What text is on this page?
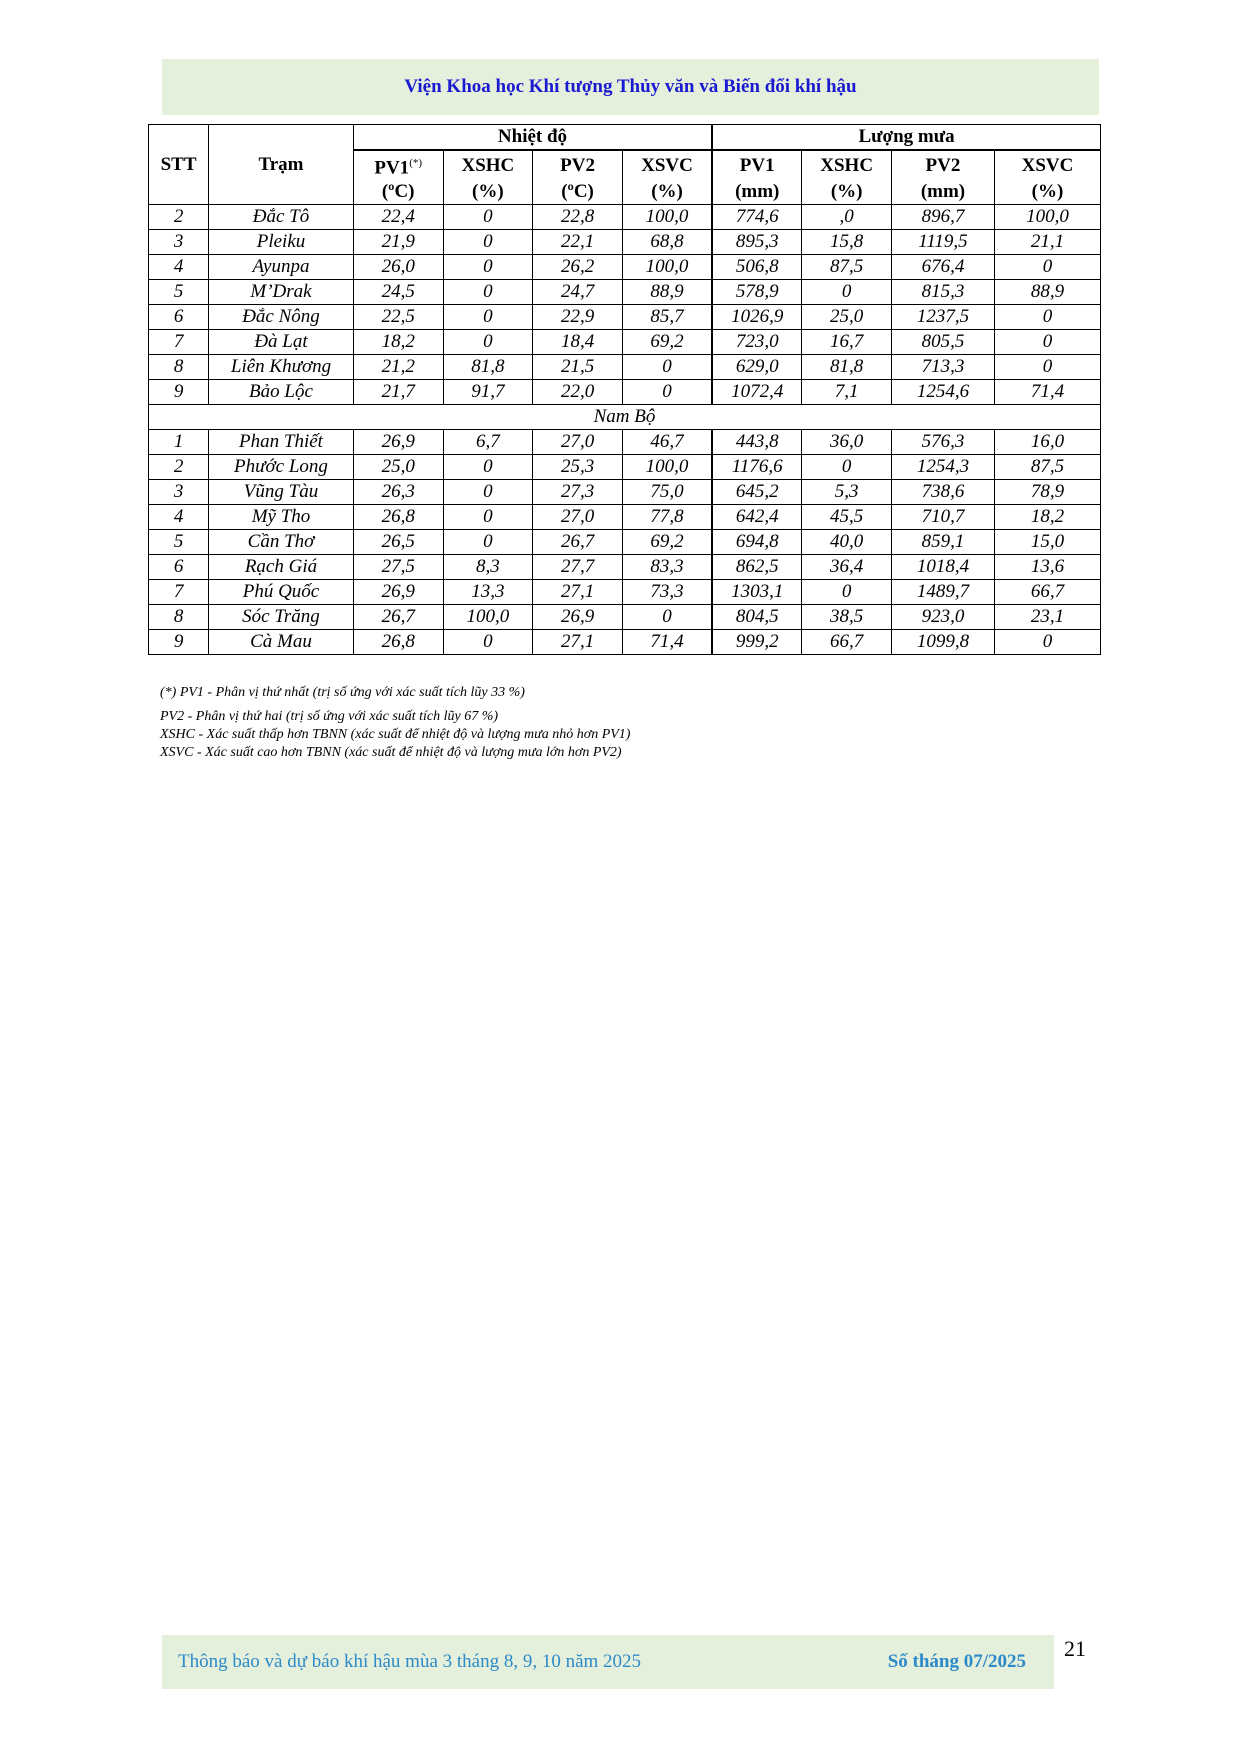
Viện Khoa học Khí tượng Thủy văn và Biến đổi khí hậu
STT	Trạm	Nhiệt độ				Lượng mưa			
		PV1(*)	XSHC	PV2	XSVC	PV1	XSHC	PV2	XSVC
		(ºC)	(%)	(ºC)	(%)	(mm)	(%)	(mm)	(%)
2	Đắc Tô	22,4	0	22,8	100,0	774,6	,0	896,7	100,0
3	Pleiku	21,9	0	22,1	68,8	895,3	15,8	1119,5	21,1
4	Ayunpa	26,0	0	26,2	100,0	506,8	87,5	676,4	0
5	M’Drak	24,5	0	24,7	88,9	578,9	0	815,3	88,9
6	Đắc Nông	22,5	0	22,9	85,7	1026,9	25,0	1237,5	0
7	Đà Lạt	18,2	0	18,4	69,2	723,0	16,7	805,5	0
8	Liên Khương	21,2	81,8	21,5	0	629,0	81,8	713,3	0
9	Bảo Lộc	21,7	91,7	22,0	0	1072,4	7,1	1254,6	71,4
Nam Bộ									
1	Phan Thiết	26,9	6,7	27,0	46,7	443,8	36,0	576,3	16,0
2	Phước Long	25,0	0	25,3	100,0	1176,6	0	1254,3	87,5
3	Vũng Tàu	26,3	0	27,3	75,0	645,2	5,3	738,6	78,9
4	Mỹ Tho	26,8	0	27,0	77,8	642,4	45,5	710,7	18,2
5	Cần Thơ	26,5	0	26,7	69,2	694,8	40,0	859,1	15,0
6	Rạch Giá	27,5	8,3	27,7	83,3	862,5	36,4	1018,4	13,6
7	Phú Quốc	26,9	13,3	27,1	73,3	1303,1	0	1489,7	66,7
8	Sóc Trăng	26,7	100,0	26,9	0	804,5	38,5	923,0	23,1
9	Cà Mau	26,8	0	27,1	71,4	999,2	66,7	1099,8	0
(*) PV1 - Phân vị thứ nhất (trị số ứng với xác suất tích lũy 33 %)
PV2 - Phân vị thứ hai (trị số ứng với xác suất tích lũy 67 %)
XSHC - Xác suất thấp hơn TBNN (xác suất để nhiệt độ và lượng mưa nhỏ hơn PV1)
XSVC - Xác suất cao hơn TBNN (xác suất để nhiệt độ và lượng mưa lớn hơn PV2)
Thông báo và dự báo khí hậu mùa 3 tháng 8, 9, 10 năm 2025	Số tháng 07/2025
21
